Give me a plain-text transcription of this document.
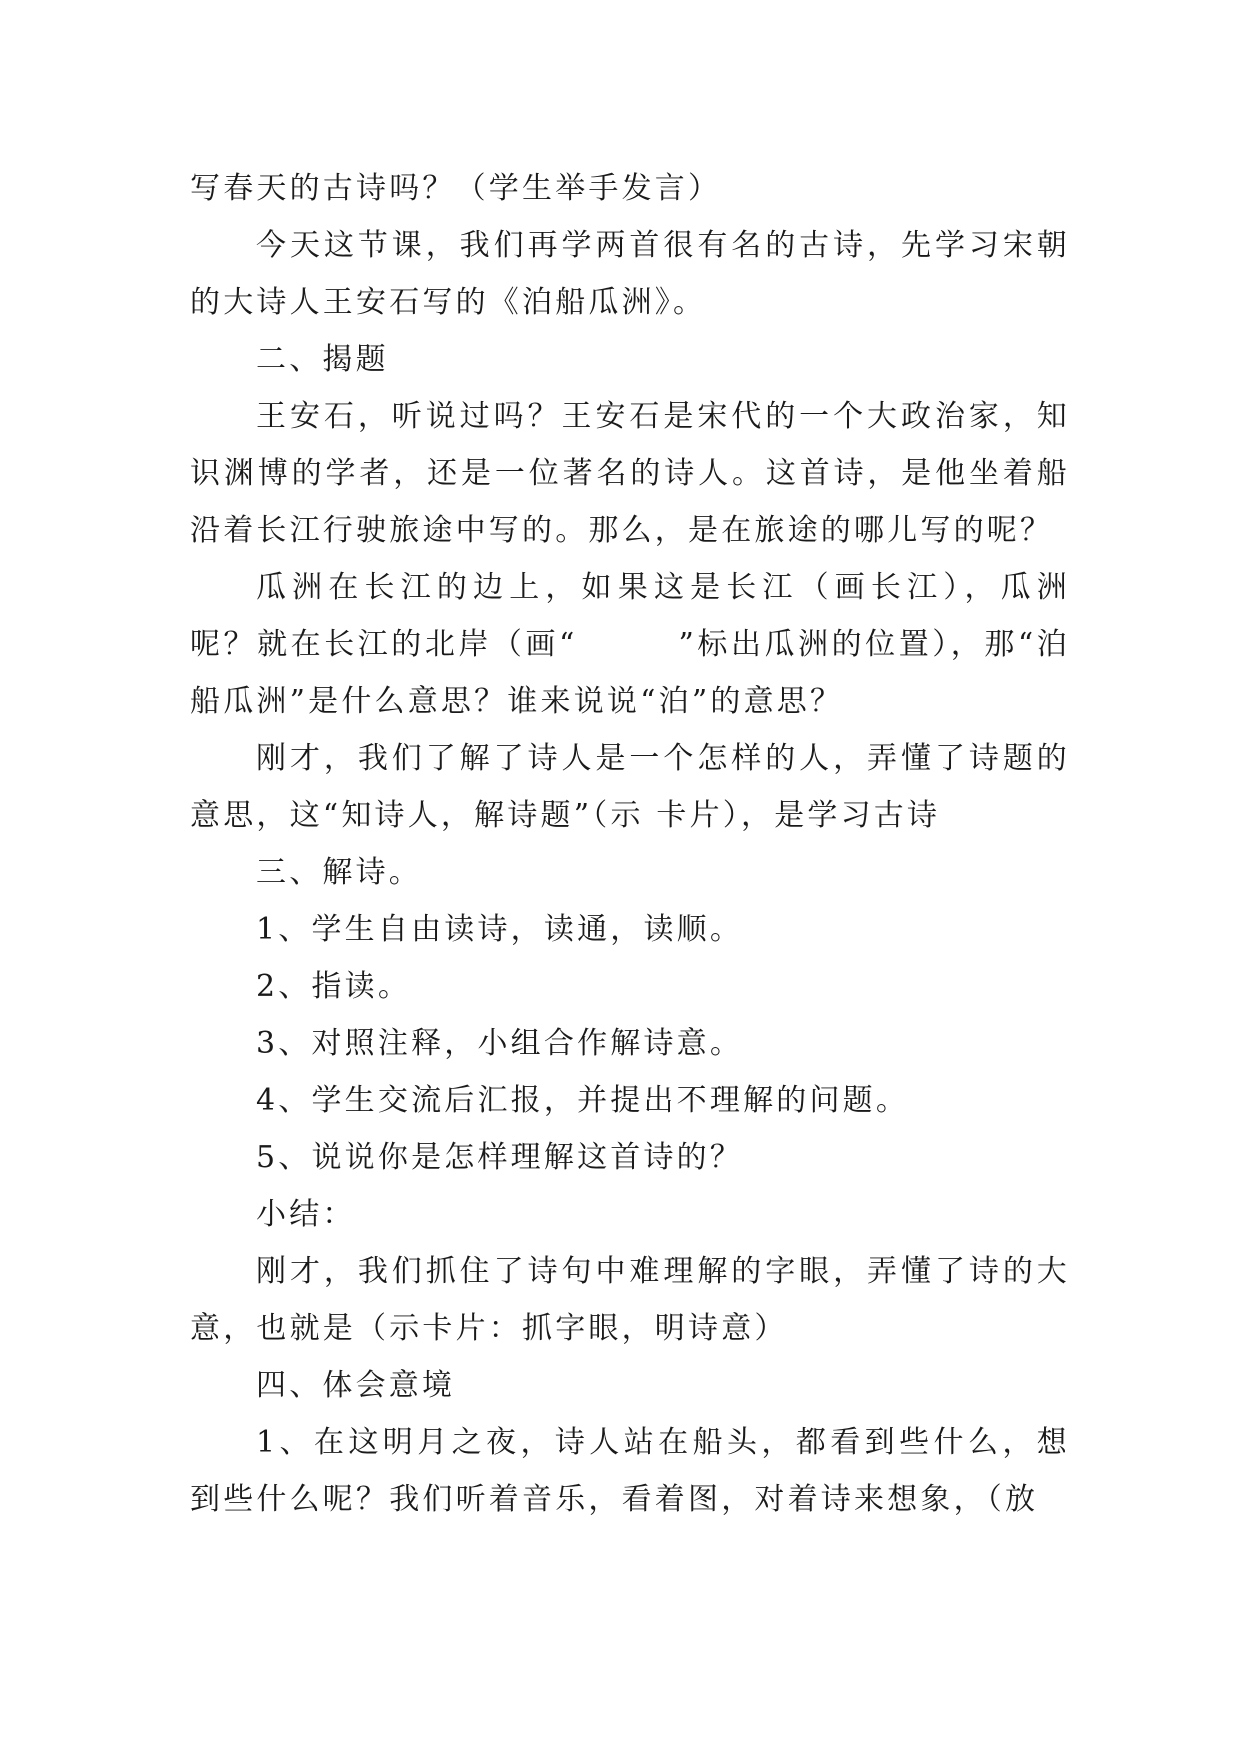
写春天的古诗吗？（学生举手发言）

今天这节课，我们再学两首很有名的古诗，先学习宋朝的大诗人王安石写的《泊船瓜洲》。

二、揭题

王安石，听说过吗？王安石是宋代的一个大政治家，知识渊博的学者，还是一位著名的诗人。这首诗，是他坐着船沿着长江行驶旅途中写的。那么，是在旅途的哪儿写的呢？

瓜洲在长江的边上，如果这是长江（画长江），瓜洲呢？就在长江的北岸（画“　　　”标出瓜洲的位置），那“泊船瓜洲”是什么意思？谁来说说“泊”的意思？

刚才，我们了解了诗人是一个怎样的人，弄懂了诗题的意思，这“知诗人，解诗题”（示 卡片），是学习古诗

三、解诗。

1、学生自由读诗，读通，读顺。

2、指读。

3、对照注释，小组合作解诗意。

4、学生交流后汇报，并提出不理解的问题。

5、说说你是怎样理解这首诗的？

小结：

刚才，我们抓住了诗句中难理解的字眼，弄懂了诗的大意，也就是（示卡片：抓字眼，明诗意）

四、体会意境

1、在这明月之夜，诗人站在船头，都看到些什么，想到些什么呢？我们听着音乐，看着图，对着诗来想象，（放
